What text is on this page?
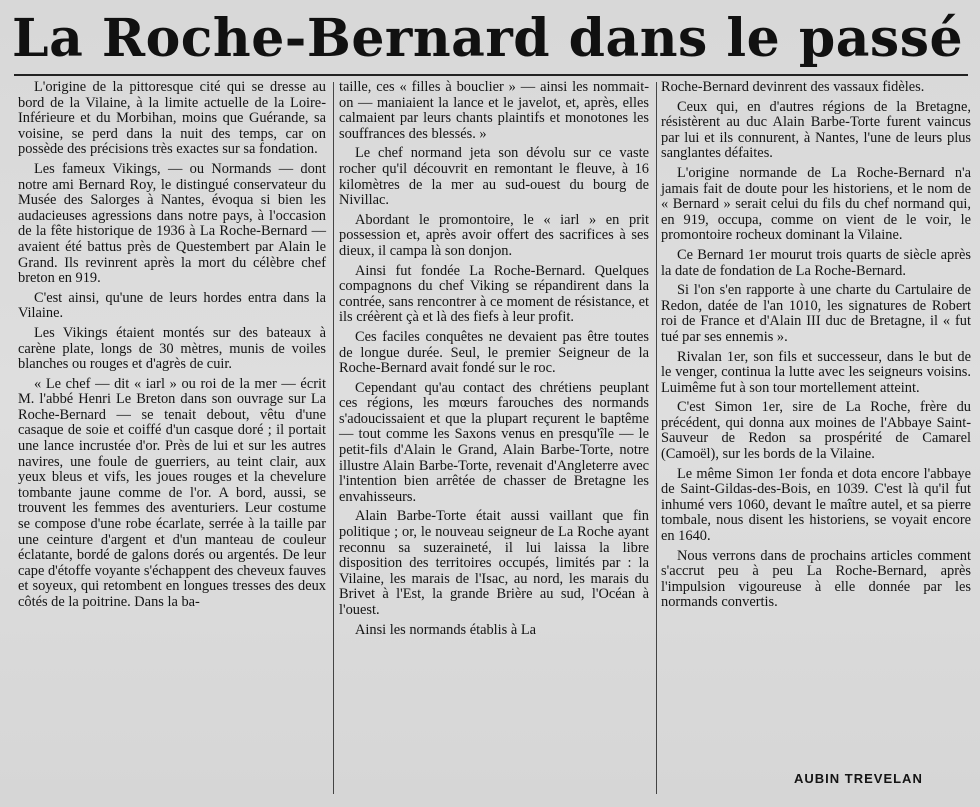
La Roche-Bernard dans le passé

L'origine de la pittoresque cité qui se dresse au bord de la Vilaine, à la limite actuelle de la Loire-Inférieure et du Morbihan, moins que Guérande, sa voisine, se perd dans la nuit des temps, car on possède des précisions très exactes sur sa fondation.

Les fameux Vikings, — ou Normands — dont notre ami Bernard Roy, le distingué conservateur du Musée des Salorges à Nantes, évoqua si bien les audacieuses agressions dans notre pays, à l'occasion de la fête historique de 1936 à La Roche-Bernard — avaient été battus près de Questembert par Alain le Grand. Ils revinrent après la mort du célèbre chef breton en 919.

C'est ainsi, qu'une de leurs hordes entra dans la Vilaine.

Les Vikings étaient montés sur des bateaux à carène plate, longs de 30 mètres, munis de voiles blanches ou rouges et d'agrès de cuir.

« Le chef — dit « iarl » ou roi de la mer — écrit M. l'abbé Henri Le Breton dans son ouvrage sur La Roche-Bernard — se tenait debout, vêtu d'une casaque de soie et coiffé d'un casque doré ; il portait une lance incrustée d'or. Près de lui et sur les autres navires, une foule de guerriers, au teint clair, aux yeux bleus et vifs, les joues rouges et la chevelure tombante jaune comme de l'or. A bord, aussi, se trouvent les femmes des aventuriers. Leur costume se compose d'une robe écarlate, serrée à la taille par une ceinture d'argent et d'un manteau de couleur éclatante, bordé de galons dorés ou argentés. De leur cape d'étoffe voyante s'échappent des cheveux fauves et soyeux, qui retombent en longues tresses des deux côtés de la poitrine. Dans la ba-

taille, ces « filles à bouclier » — ainsi les nommait-on — maniaient la lance et le javelot, et, après, elles calmaient par leurs chants plaintifs et monotones les souffrances des blessés. »

Le chef normand jeta son dévolu sur ce vaste rocher qu'il découvrit en remontant le fleuve, à 16 kilomètres de la mer au sud-ouest du bourg de Nivillac.

Abordant le promontoire, le « iarl » en prit possession et, après avoir offert des sacrifices à ses dieux, il campa là son donjon.

Ainsi fut fondée La Roche-Bernard. Quelques compagnons du chef Viking se répandirent dans la contrée, sans rencontrer à ce moment de résistance, et ils créèrent çà et là des fiefs à leur profit.

Ces faciles conquêtes ne devaient pas être toutes de longue durée. Seul, le premier Seigneur de la Roche-Bernard avait fondé sur le roc.

Cependant qu'au contact des chrétiens peuplant ces régions, les mœurs farouches des normands s'adoucissaient et que la plupart reçurent le baptême — tout comme les Saxons venus en presqu'île — le petit-fils d'Alain le Grand, Alain Barbe-Torte, notre illustre Alain Barbe-Torte, revenait d'Angleterre avec l'intention bien arrêtée de chasser de Bretagne les envahisseurs.

Alain Barbe-Torte était aussi vaillant que fin politique ; or, le nouveau seigneur de La Roche ayant reconnu sa suzeraineté, il lui laissa la libre disposition des territoires occupés, limités par : la Vilaine, les marais de l'Isac, au nord, les marais du Brivet à l'Est, la grande Brière au sud, l'Océan à l'ouest.

Ainsi les normands établis à La

Roche-Bernard devinrent des vassaux fidèles.

Ceux qui, en d'autres régions de la Bretagne, résistèrent au duc Alain Barbe-Torte furent vaincus par lui et ils connurent, à Nantes, l'une de leurs plus sanglantes défaites.

L'origine normande de La Roche-Bernard n'a jamais fait de doute pour les historiens, et le nom de « Bernard » serait celui du fils du chef normand qui, en 919, occupa, comme on vient de le voir, le promontoire rocheux dominant la Vilaine.

Ce Bernard 1er mourut trois quarts de siècle après la date de fondation de La Roche-Bernard.

Si l'on s'en rapporte à une charte du Cartulaire de Redon, datée de l'an 1010, les signatures de Robert roi de France et d'Alain III duc de Bretagne, il « fut tué par ses ennemis ».

Rivalan 1er, son fils et successeur, dans le but de le venger, continua la lutte avec les seigneurs voisins. Luimême fut à son tour mortellement atteint.

C'est Simon 1er, sire de La Roche, frère du précédent, qui donna aux moines de l'Abbaye Saint-Sauveur de Redon sa prospérité de Camarel (Camoël), sur les bords de la Vilaine.

Le même Simon 1er fonda et dota encore l'abbaye de Saint-Gildas-des-Bois, en 1039. C'est là qu'il fut inhumé vers 1060, devant le maître autel, et sa pierre tombale, nous disent les historiens, se voyait encore en 1640.

Nous verrons dans de prochains articles comment s'accrut peu à peu La Roche-Bernard, après l'impulsion vigoureuse à elle donnée par les normands convertis.

AUBIN TREVELAN
